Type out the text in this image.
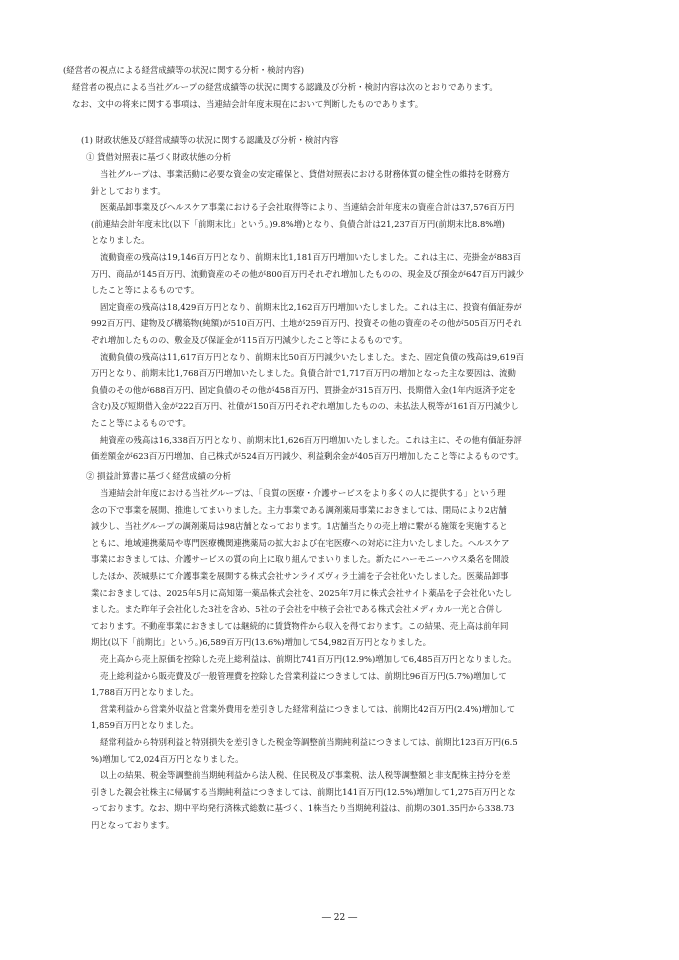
(経営者の視点による経営成績等の状況に関する分析・検討内容)
経営者の視点による当社グループの経営成績等の状況に関する認識及び分析・検討内容は次のとおりであります。
なお、文中の将来に関する事項は、当連結会計年度末現在において判断したものであります。
(1) 財政状態及び経営成績等の状況に関する認識及び分析・検討内容
① 貸借対照表に基づく財政状態の分析
当社グループは、事業活動に必要な資金の安定確保と、貸借対照表における財務体質の健全性の維持を財務方
針としております。
医薬品卸事業及びヘルスケア事業における子会社取得等により、当連結会計年度末の資産合計は37,576百万円
(前連結会計年度末比(以下「前期末比」という。)9.8%増)となり、負債合計は21,237百万円(前期末比8.8%増)
となりました。
流動資産の残高は19,146百万円となり、前期末比1,181百万円増加いたしました。これは主に、売掛金が883百
万円、商品が145百万円、流動資産のその他が800百万円それぞれ増加したものの、現金及び預金が647百万円減少
したこと等によるものです。
固定資産の残高は18,429百万円となり、前期末比2,162百万円増加いたしました。これは主に、投資有価証券が
992百万円、建物及び構築物(純額)が510百万円、土地が259百万円、投資その他の資産のその他が505百万円それ
ぞれ増加したものの、敷金及び保証金が115百万円減少したこと等によるものです。
流動負債の残高は11,617百万円となり、前期末比50百万円減少いたしました。また、固定負債の残高は9,619百
万円となり、前期末比1,768百万円増加いたしました。負債合計で1,717百万円の増加となった主な要因は、流動
負債のその他が688百万円、固定負債のその他が458百万円、買掛金が315百万円、長期借入金(1年内返済予定を
含む)及び短期借入金が222百万円、社債が150百万円それぞれ増加したものの、未払法人税等が161百万円減少し
たこと等によるものです。
純資産の残高は16,338百万円となり、前期末比1,626百万円増加いたしました。これは主に、その他有価証券評
価差額金が623百万円増加、自己株式が524百万円減少、利益剰余金が405百万円増加したこと等によるものです。
② 損益計算書に基づく経営成績の分析
当連結会計年度における当社グループは、「良質の医療・介護サービスをより多くの人に提供する」という理
念の下で事業を展開、推進してまいりました。主力事業である調剤薬局事業におきましては、閉局により2店舗
減少し、当社グループの調剤薬局は98店舗となっております。1店舗当たりの売上増に繋がる施策を実施すると
ともに、地域連携薬局や専門医療機関連携薬局の拡大および在宅医療への対応に注力いたしました。ヘルスケア
事業におきましては、介護サービスの質の向上に取り組んでまいりました。新たにハーモニーハウス桑名を開設
したほか、茨城県にて介護事業を展開する株式会社サンライズヴィラ土浦を子会社化いたしました。医薬品卸事
業におきましては、2025年5月に高知第一薬品株式会社を、2025年7月に株式会社サイト薬品を子会社化いたし
ました。また昨年子会社化した3社を含め、5社の子会社を中核子会社である株式会社メディカル一光と合併し
ております。不動産事業におきましては継続的に賃貸物件から収入を得ております。この結果、売上高は前年同
期比(以下「前期比」という。)6,589百万円(13.6%)増加して54,982百万円となりました。
売上高から売上原価を控除した売上総利益は、前期比741百万円(12.9%)増加して6,485百万円となりました。
売上総利益から販売費及び一般管理費を控除した営業利益につきましては、前期比96百万円(5.7%)増加して
1,788百万円となりました。
営業利益から営業外収益と営業外費用を差引きした経常利益につきましては、前期比42百万円(2.4%)増加して
1,859百万円となりました。
経常利益から特別利益と特別損失を差引きした税金等調整前当期純利益につきましては、前期比123百万円(6.5
%)増加して2,024百万円となりました。
以上の結果、税金等調整前当期純利益から法人税、住民税及び事業税、法人税等調整額と非支配株主持分を差
引きした親会社株主に帰属する当期純利益につきましては、前期比141百万円(12.5%)増加して1,275百万円とな
っております。なお、期中平均発行済株式総数に基づく、1株当たり当期純利益は、前期の301.35円から338.73
円となっております。
― 22 ―
